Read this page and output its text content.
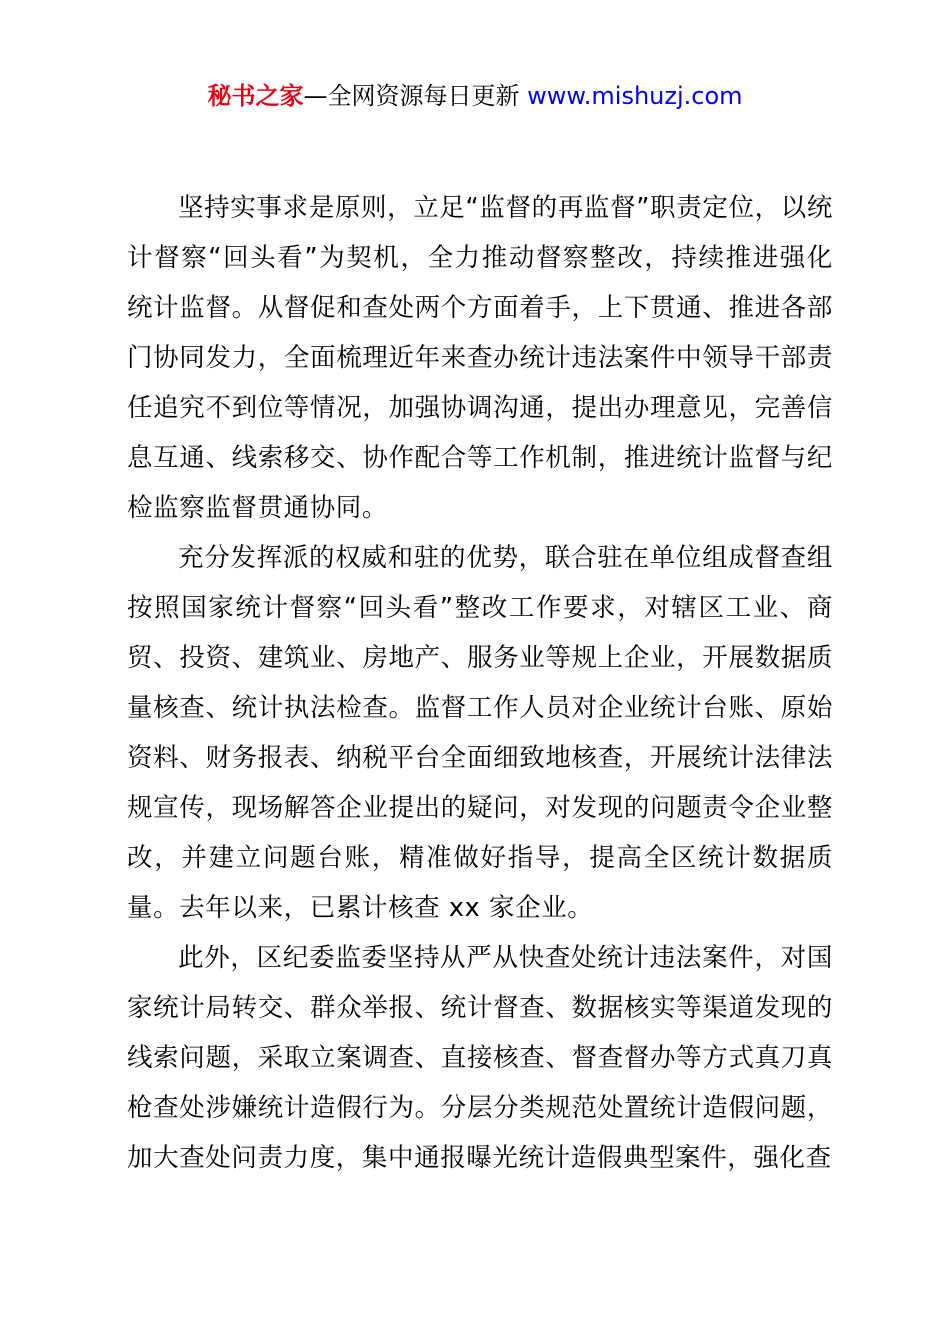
秘书之家—全网资源每日更新 www.mishuzj.com

坚持实事求是原则，立足“监督的再监督”职责定位，以统计督察“回头看”为契机，全力推动督察整改，持续推进强化统计监督。从督促和查处两个方面着手，上下贯通、推进各部门协同发力，全面梳理近年来查办统计违法案件中领导干部责任追究不到位等情况，加强协调沟通，提出办理意见，完善信息互通、线索移交、协作配合等工作机制，推进统计监督与纪检监察监督贯通协同。

充分发挥派的权威和驻的优势，联合驻在单位组成督查组按照国家统计督察“回头看”整改工作要求，对辖区工业、商贸、投资、建筑业、房地产、服务业等规上企业，开展数据质量核查、统计执法检查。监督工作人员对企业统计台账、原始资料、财务报表、纳税平台全面细致地核查，开展统计法律法规宣传，现场解答企业提出的疑问，对发现的问题责令企业整改，并建立问题台账，精准做好指导，提高全区统计数据质量。去年以来，已累计核查 xx 家企业。

此外，区纪委监委坚持从严从快查处统计违法案件，对国家统计局转交、群众举报、统计督查、数据核实等渠道发现的线索问题，采取立案调查、直接核查、督查督办等方式真刀真枪查处涉嫌统计造假行为。分层分类规范处置统计造假问题，加大查处问责力度，集中通报曝光统计造假典型案件，强化查
